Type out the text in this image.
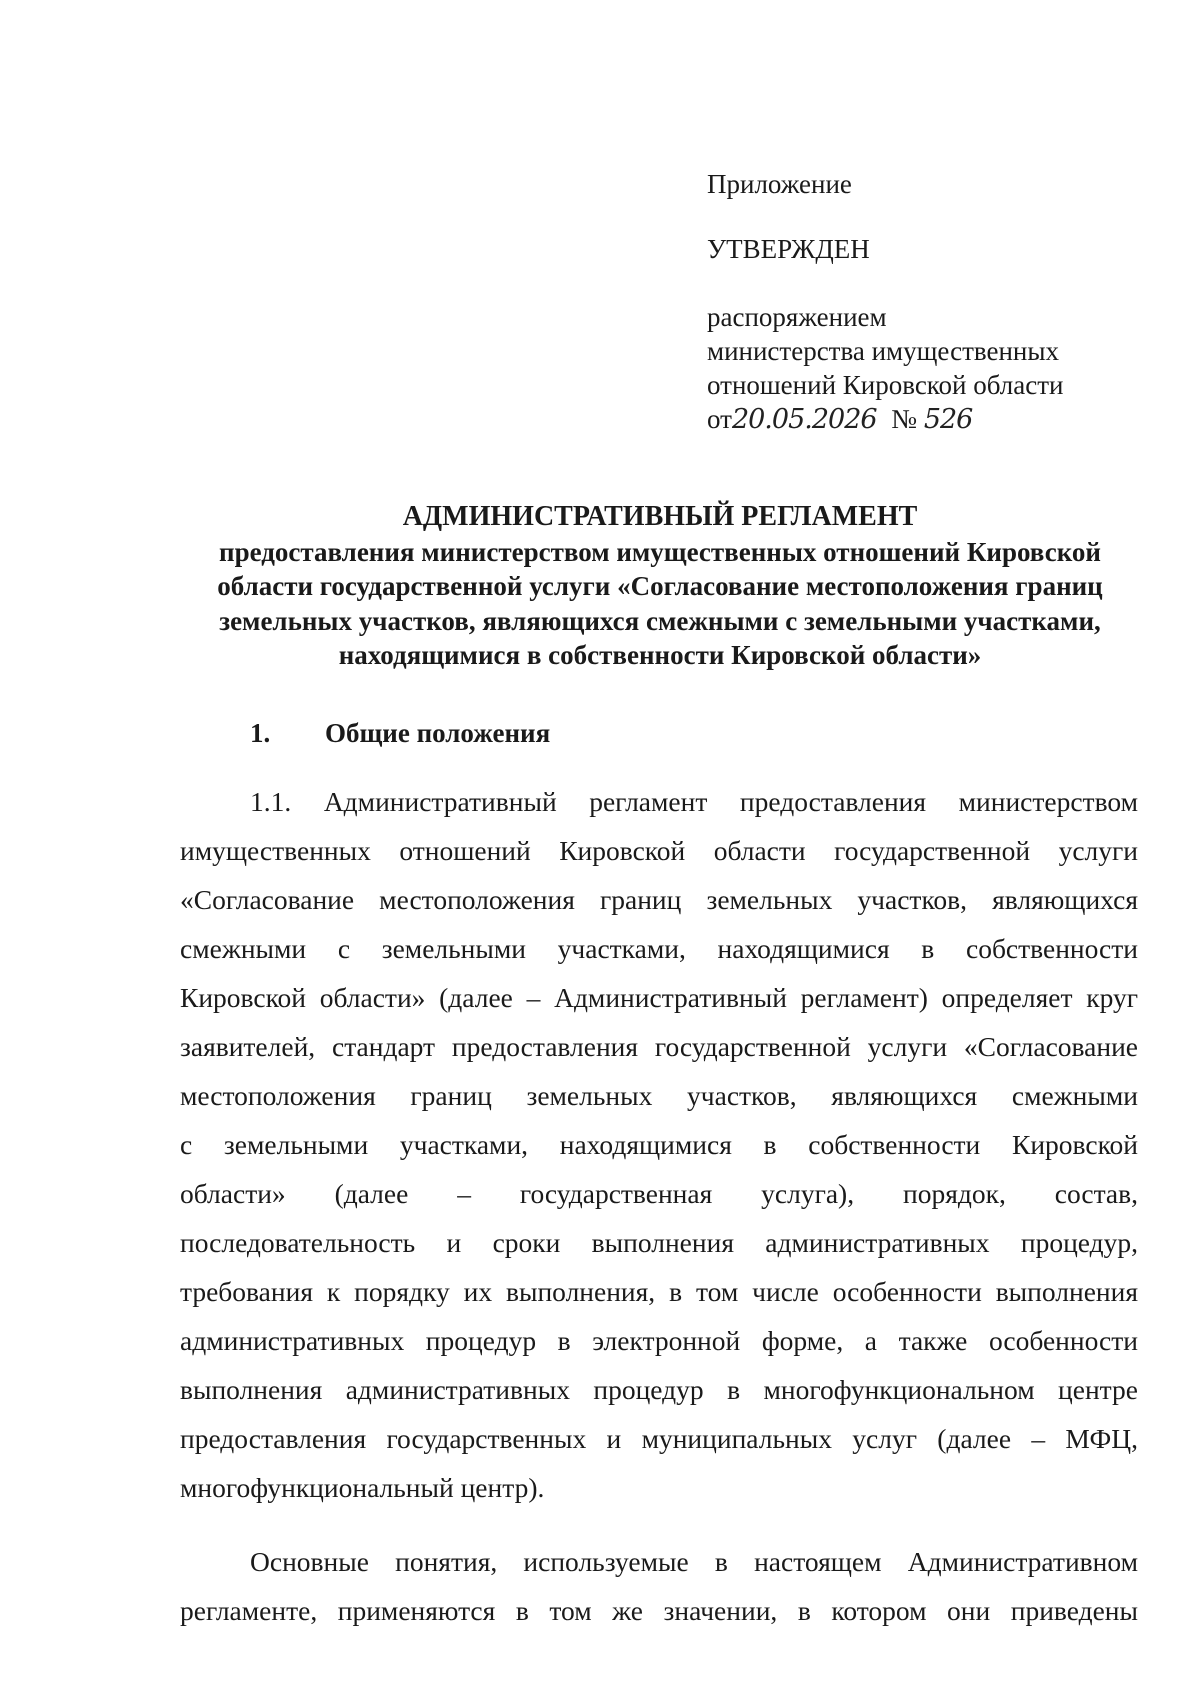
Приложение
УТВЕРЖДЕН
распоряжением
министерства имущественных
отношений Кировской области
от20.05.2026 № 526
АДМИНИСТРАТИВНЫЙ РЕГЛАМЕНТ
предоставления министерством имущественных отношений Кировской
области государственной услуги «Согласование местоположения границ
земельных участков, являющихся смежными с земельными участками,
находящимися в собственности Кировской области»
1. Общие положения
1.1. Административный регламент предоставления министерством
имущественных отношений Кировской области государственной услуги
«Согласование местоположения границ земельных участков, являющихся
смежными с земельными участками, находящимися в собственности
Кировской области» (далее – Административный регламент) определяет круг
заявителей, стандарт предоставления государственной услуги «Согласование
местоположения границ земельных участков, являющихся смежными
с земельными участками, находящимися в собственности Кировской
области» (далее – государственная услуга), порядок, состав,
последовательность и сроки выполнения административных процедур,
требования к порядку их выполнения, в том числе особенности выполнения
административных процедур в электронной форме, а также особенности
выполнения административных процедур в многофункциональном центре
предоставления государственных и муниципальных услуг (далее – МФЦ,
многофункциональный центр).
Основные понятия, используемые в настоящем Административном
регламенте, применяются в том же значении, в котором они приведены
